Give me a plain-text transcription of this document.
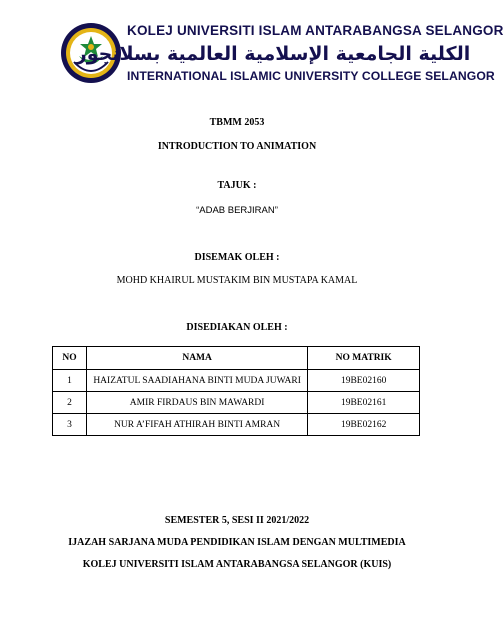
KOLEJ UNIVERSITI ISLAM ANTARABANGSA SELANGOR
الكلية الجامعية الإسلامية العالمية بسلانجور
INTERNATIONAL ISLAMIC UNIVERSITY COLLEGE SELANGOR
TBMM 2053
INTRODUCTION TO ANIMATION
TAJUK :
“ADAB BERJIRAN”
DISEMAK OLEH :
MOHD KHAIRUL MUSTAKIM BIN MUSTAPA KAMAL
DISEDIAKAN OLEH :
NO	NAMA	NO MATRIK
1	HAIZATUL SAADIAHANA BINTI MUDA JUWARI	19BE02160
2	AMIR FIRDAUS BIN MAWARDI	19BE02161
3	NUR A’FIFAH ATHIRAH BINTI AMRAN	19BE02162
SEMESTER 5, SESI II 2021/2022
IJAZAH SARJANA MUDA PENDIDIKAN ISLAM DENGAN MULTIMEDIA
KOLEJ UNIVERSITI ISLAM ANTARABANGSA SELANGOR (KUIS)
